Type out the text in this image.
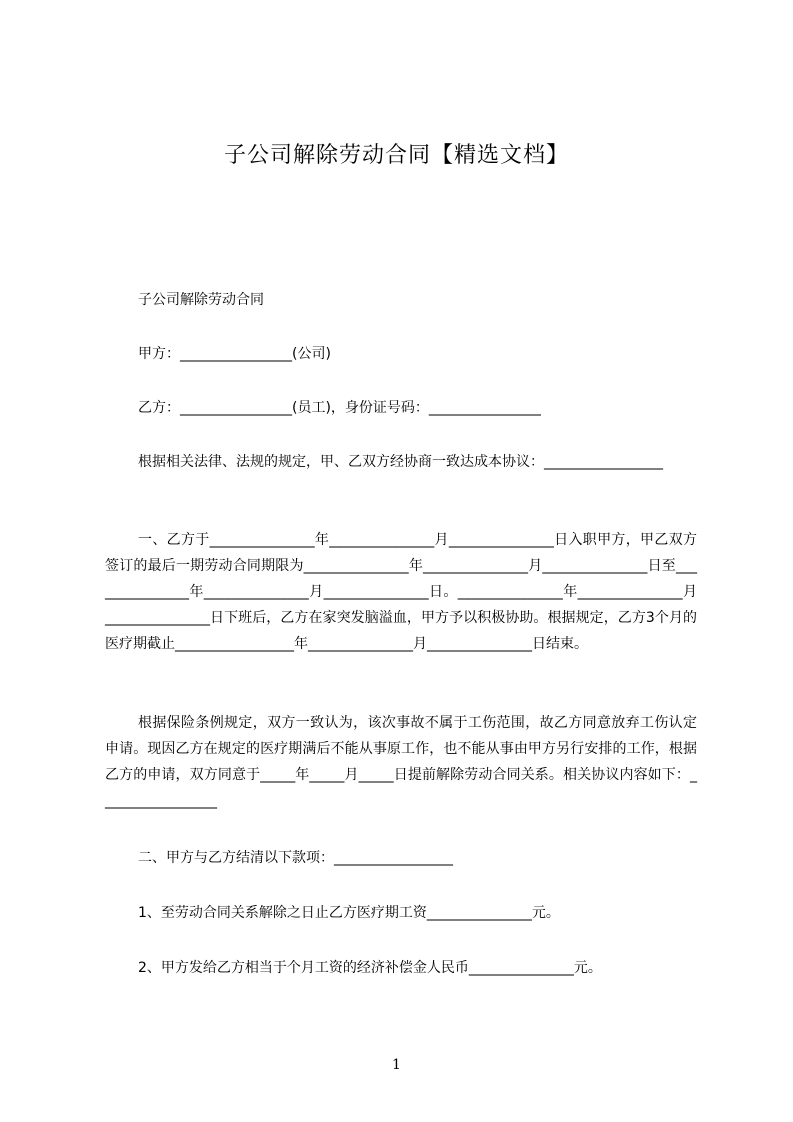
子公司解除劳动合同【精选文档】

子公司解除劳动合同

甲方：________________(公司)

乙方：________________(员工)，身份证号码：________________

根据相关法律、法规的规定，甲、乙双方经协商一致达成本协议：_________________

一、乙方于_______________年_______________月_______________日入职甲方，甲乙双方签订的最后一期劳动合同期限为_______________年_______________月_______________日至_______________年_______________月_______________日。_______________年_______________月_______________日下班后，乙方在家突发脑溢血，甲方予以积极协助。根据规定，乙方3个月的医疗期截止_________________年_______________月_______________日结束。

根据保险条例规定，双方一致认为，该次事故不属于工伤范围，故乙方同意放弃工伤认定申请。现因乙方在规定的医疗期满后不能从事原工作，也不能从事由甲方另行安排的工作，根据乙方的申请，双方同意于_____年_____月_____日提前解除劳动合同关系。相关协议内容如下：_________________

二、甲方与乙方结清以下款项：_________________

1、至劳动合同关系解除之日止乙方医疗期工资_______________元。

2、甲方发给乙方相当于个月工资的经济补偿金人民币_______________元。

1
